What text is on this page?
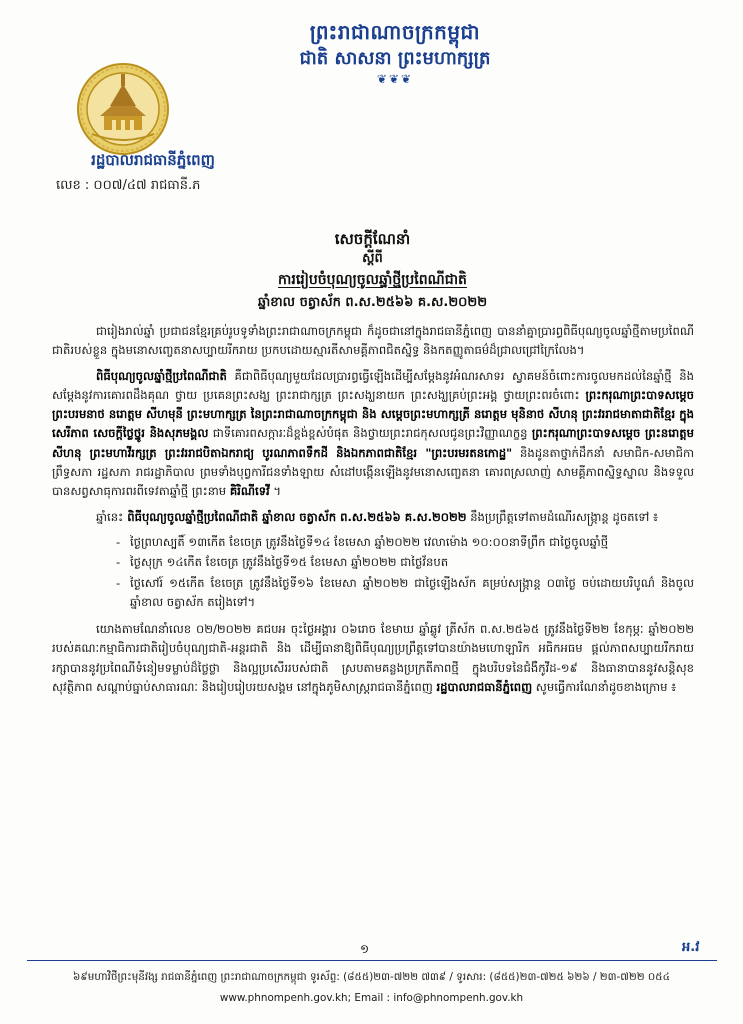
ព្រះរាជាណាចក្រកម្ពុជា
ជាតិ សាសនា ព្រះមហាក្សត្រ
❦❦❦
រដ្ឋបាលរាជធានីភ្នំពេញ
លេខ : ០០៧/៤៧ រាជធានី.ភ
សេចក្តីណែនាំ
ស្តីពី
ការរៀបចំបុណ្យចូលឆ្នាំថ្មីប្រពៃណីជាតិ
ឆ្នាំខាល ចត្វាស័ក ព.ស.២៥៦៦ គ.ស.២០២២

ជារៀងរាល់ឆ្នាំ ប្រជាជនខ្មែរគ្រប់រូបទូទាំងព្រះរាជាណាចក្រកម្ពុជា ក៏ដូចជានៅក្នុងរាជធានីភ្នំពេញ បាននាំគ្នាប្រារព្ធពិធីបុណ្យចូលឆ្នាំថ្មីតាមប្រពៃណីជាតិរបស់ខ្លួន ក្នុងមនោសញ្ចេតនាសប្បាយរីករាយ ប្រកបដោយស្មារតីសាមគ្គីភាពជិតស្និទ្ធ និងកតញ្ញូតាធម៌ដ៏ជ្រាលជ្រៅក្រៃលែង។

ពិធីបុណ្យចូលឆ្នាំថ្មីប្រពៃណីជាតិ គឺជាពិធីបុណ្យមួយដែលប្រារព្ធធ្វើឡើងដើម្បីសម្តែងនូវអំណរសាទរ ស្វាគមន៍ចំពោះការចូលមកដល់នៃឆ្នាំថ្មី និងសម្តែងនូវការគោរពដឹងគុណ ថ្វាយ ប្រគេនព្រះសង្ឃ ព្រះរាជាក្សត្រ ព្រះសង្ឃនាយក ព្រះសង្ឃគ្រប់ព្រះអង្គ ថ្វាយព្រះពរចំពោះ ព្រះករុណាព្រះបាទសម្តេចព្រះបរមនាថ នរោត្តម សីហមុនី ព្រះមហាក្សត្រ នៃព្រះរាជាណាចក្រកម្ពុជា និង សម្តេចព្រះមហាក្សត្រី នរោត្តម មុនិនាថ សីហនុ ព្រះវររាជមាតាជាតិខ្មែរ ក្នុងសេរីភាព សេចក្តីថ្លៃថ្នូរ និងសុភមង្គល ជាទីគោរពសក្ការៈដ៏ខ្ពង់ខ្ពស់បំផុត និងថ្វាយព្រះរាជកុសលជូនព្រះវិញ្ញាណក្ខន្ធ ព្រះករុណាព្រះបាទសម្តេច ព្រះនរោត្តម សីហនុ ព្រះមហាវីរក្សត្រ ព្រះវររាជបិតាឯករាជ្យ បូរណភាពទឹកដី និងឯកភាពជាតិខ្មែរ "ព្រះបរមរតនកោដ្ឋ" និងដូនតាថ្នាក់ដឹកនាំ សមាជិក-សមាជិកាព្រឹទ្ធសភា រដ្ឋសភា រាជរដ្ឋាភិបាល ព្រមទាំងបុព្វការីជនទាំងឡាយ សំដៅបង្កើនឡើងនូវមនោសញ្ចេតនា គោរពស្រលាញ់ សាមគ្គីភាពស្និទ្ធស្នាល និងទទួលបានសព្វសាធុការពរពីទេវតាឆ្នាំថ្មី ព្រះនាម គិរិណីទេវី ។

ឆ្នាំនេះ ពិធីបុណ្យចូលឆ្នាំថ្មីប្រពៃណីជាតិ ឆ្នាំខាល ចត្វាស័ក ព.ស.២៥៦៦ គ.ស.២០២២ នឹងប្រព្រឹត្តទៅតាមដំណើរសង្ក្រាន្ត ដូចតទៅ ៖

- ថ្ងៃព្រហស្បតិ៍ ១៣កើត ខែចេត្រ ត្រូវនឹងថ្ងៃទី១៤ ខែមេសា ឆ្នាំ២០២២ វេលាម៉ោង ១០:០០នាទីព្រឹក ជាថ្ងៃចូលឆ្នាំថ្មី
- ថ្ងៃសុក្រ ១៤កើត ខែចេត្រ ត្រូវនឹងថ្ងៃទី១៥ ខែមេសា ឆ្នាំ២០២២ ជាថ្ងៃវ័នបត
- ថ្ងៃសៅរ៍ ១៥កើត ខែចេត្រ ត្រូវនឹងថ្ងៃទី១៦ ខែមេសា ឆ្នាំ២០២២ ជាថ្ងៃឡើងស័ក គម្រប់សង្ក្រាន្ត ០៣ថ្ងៃ ចប់ដោយបរិបូណ៌ និងចូលឆ្នាំខាល ចត្វាស័ក តរៀងទៅ។

យោងតាមណែនាំលេខ ០២/២០២២ គជបអ ចុះថ្ងៃអង្គារ ០៦រោច ខែមាឃ ឆ្នាំឆ្លូវ ត្រីស័ក ព.ស.២៥៦៥ ត្រូវនឹងថ្ងៃទី២២ ខែកុម្ភៈ ឆ្នាំ២០២២ របស់គណៈកម្មាធិការជាតិរៀបចំបុណ្យជាតិ-អន្តរជាតិ និង ដើម្បីធានាឱ្យពិធីបុណ្យប្រព្រឹត្តទៅបានយ៉ាងមហោឡារិក អធិកអធម ផ្តល់ភាពសប្បាយរីករាយ រក្សាបាននូវប្រពៃណីទំនៀមទម្លាប់ដ៏ថ្លៃថ្លា និងល្អប្រសើររបស់ជាតិ ស្របតាមគន្លងប្រក្រតីភាពថ្មី ក្នុងបរិបទនៃជំងឺកូវីដ-១៩ និងធានាបាននូវសន្តិសុខ សុវត្ថិភាព សណ្តាប់ធ្នាប់សាធារណៈ និងរៀបរៀបរយសង្គម នៅក្នុងភូមិសាស្ត្ររាជធានីភ្នំពេញ រដ្ឋបាលរាជធានីភ្នំពេញ សូមធ្វើការណែនាំដូចខាងក្រោម ៖

១	អ.វ
៦៩មហាវិថីព្រះមុនីវង្ស រាជធានីភ្នំពេញ ព្រះរាជាណាចក្រកម្ពុជា ទូរស័ព្ទ: (៨៥៥)២៣-៧២២ ៧៣៩ / ទូរសារ: (៨៥៥)២៣-៧២៥ ៦២៦ / ២៣-៧២២ ០៥៤
www.phnompenh.gov.kh; Email : info@phnompenh.gov.kh
